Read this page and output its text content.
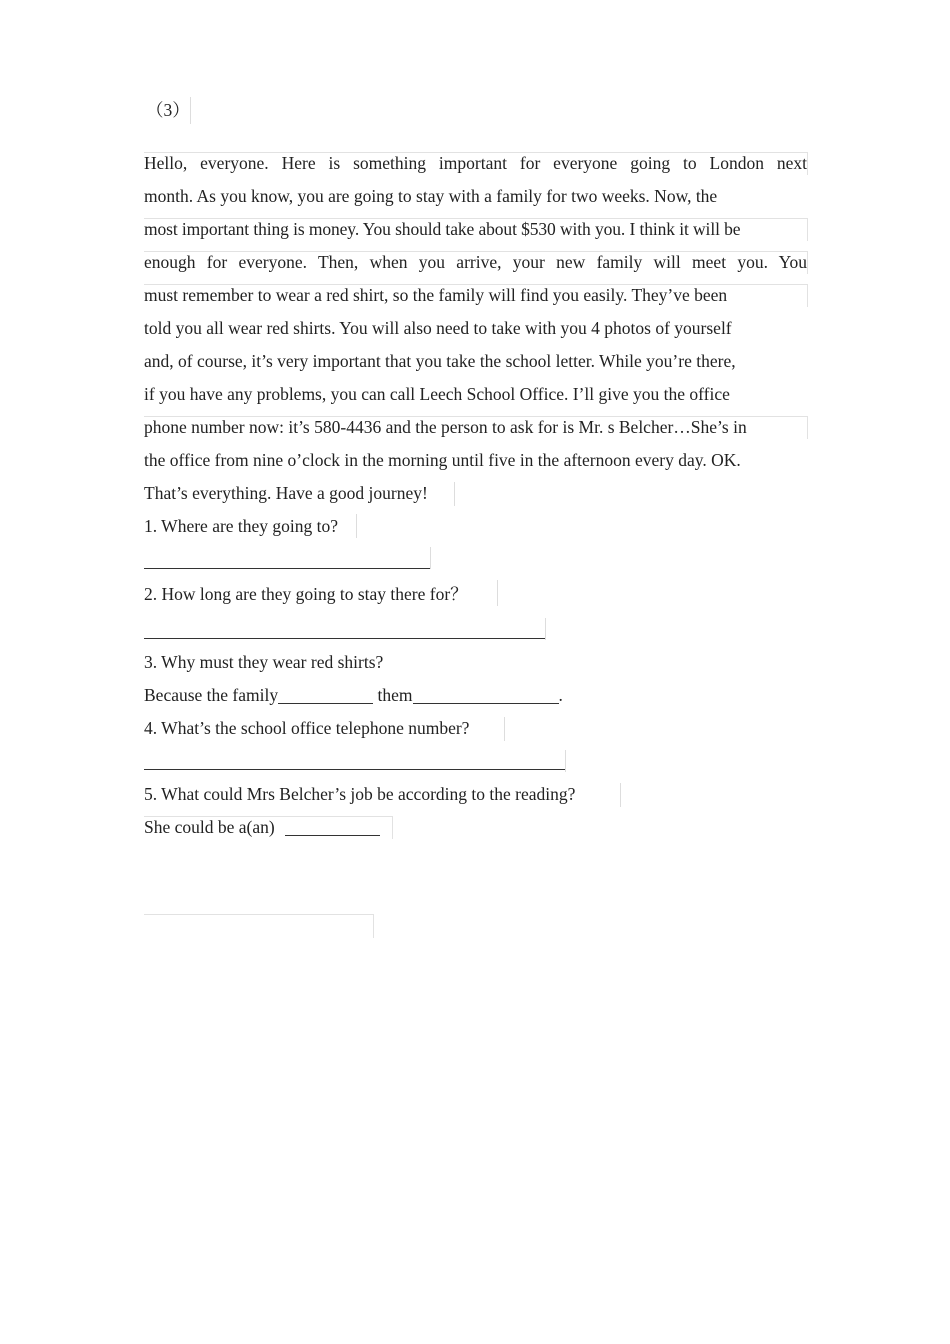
（3）
Hello, everyone. Here is something important for everyone going to London next
month. As you know, you are going to stay with a family for two weeks. Now, the
most important thing is money. You should take about $530 with you. I think it will be
enough for everyone. Then, when you arrive, your new family will meet you. You
must remember to wear a red shirt, so the family will find you easily. They’ve been
told you all wear red shirts. You will also need to take with you 4 photos of yourself
and, of course, it’s very important that you take the school letter. While you’re there,
if you have any problems, you can call Leech School Office. I’ll give you the office
phone number now: it’s 580-4436 and the person to ask for is Mr. s Belcher…She’s in
the office from nine o’clock in the morning until five in the afternoon every day. OK.
That’s everything. Have a good journey!
1. Where are they going to?
2. How long are they going to stay there for？
3. Why must they wear red shirts?
Because the family	them	.
4. What’s the school office telephone number?
5. What could Mrs Belcher’s job be according to the reading?
She could be a(an)
